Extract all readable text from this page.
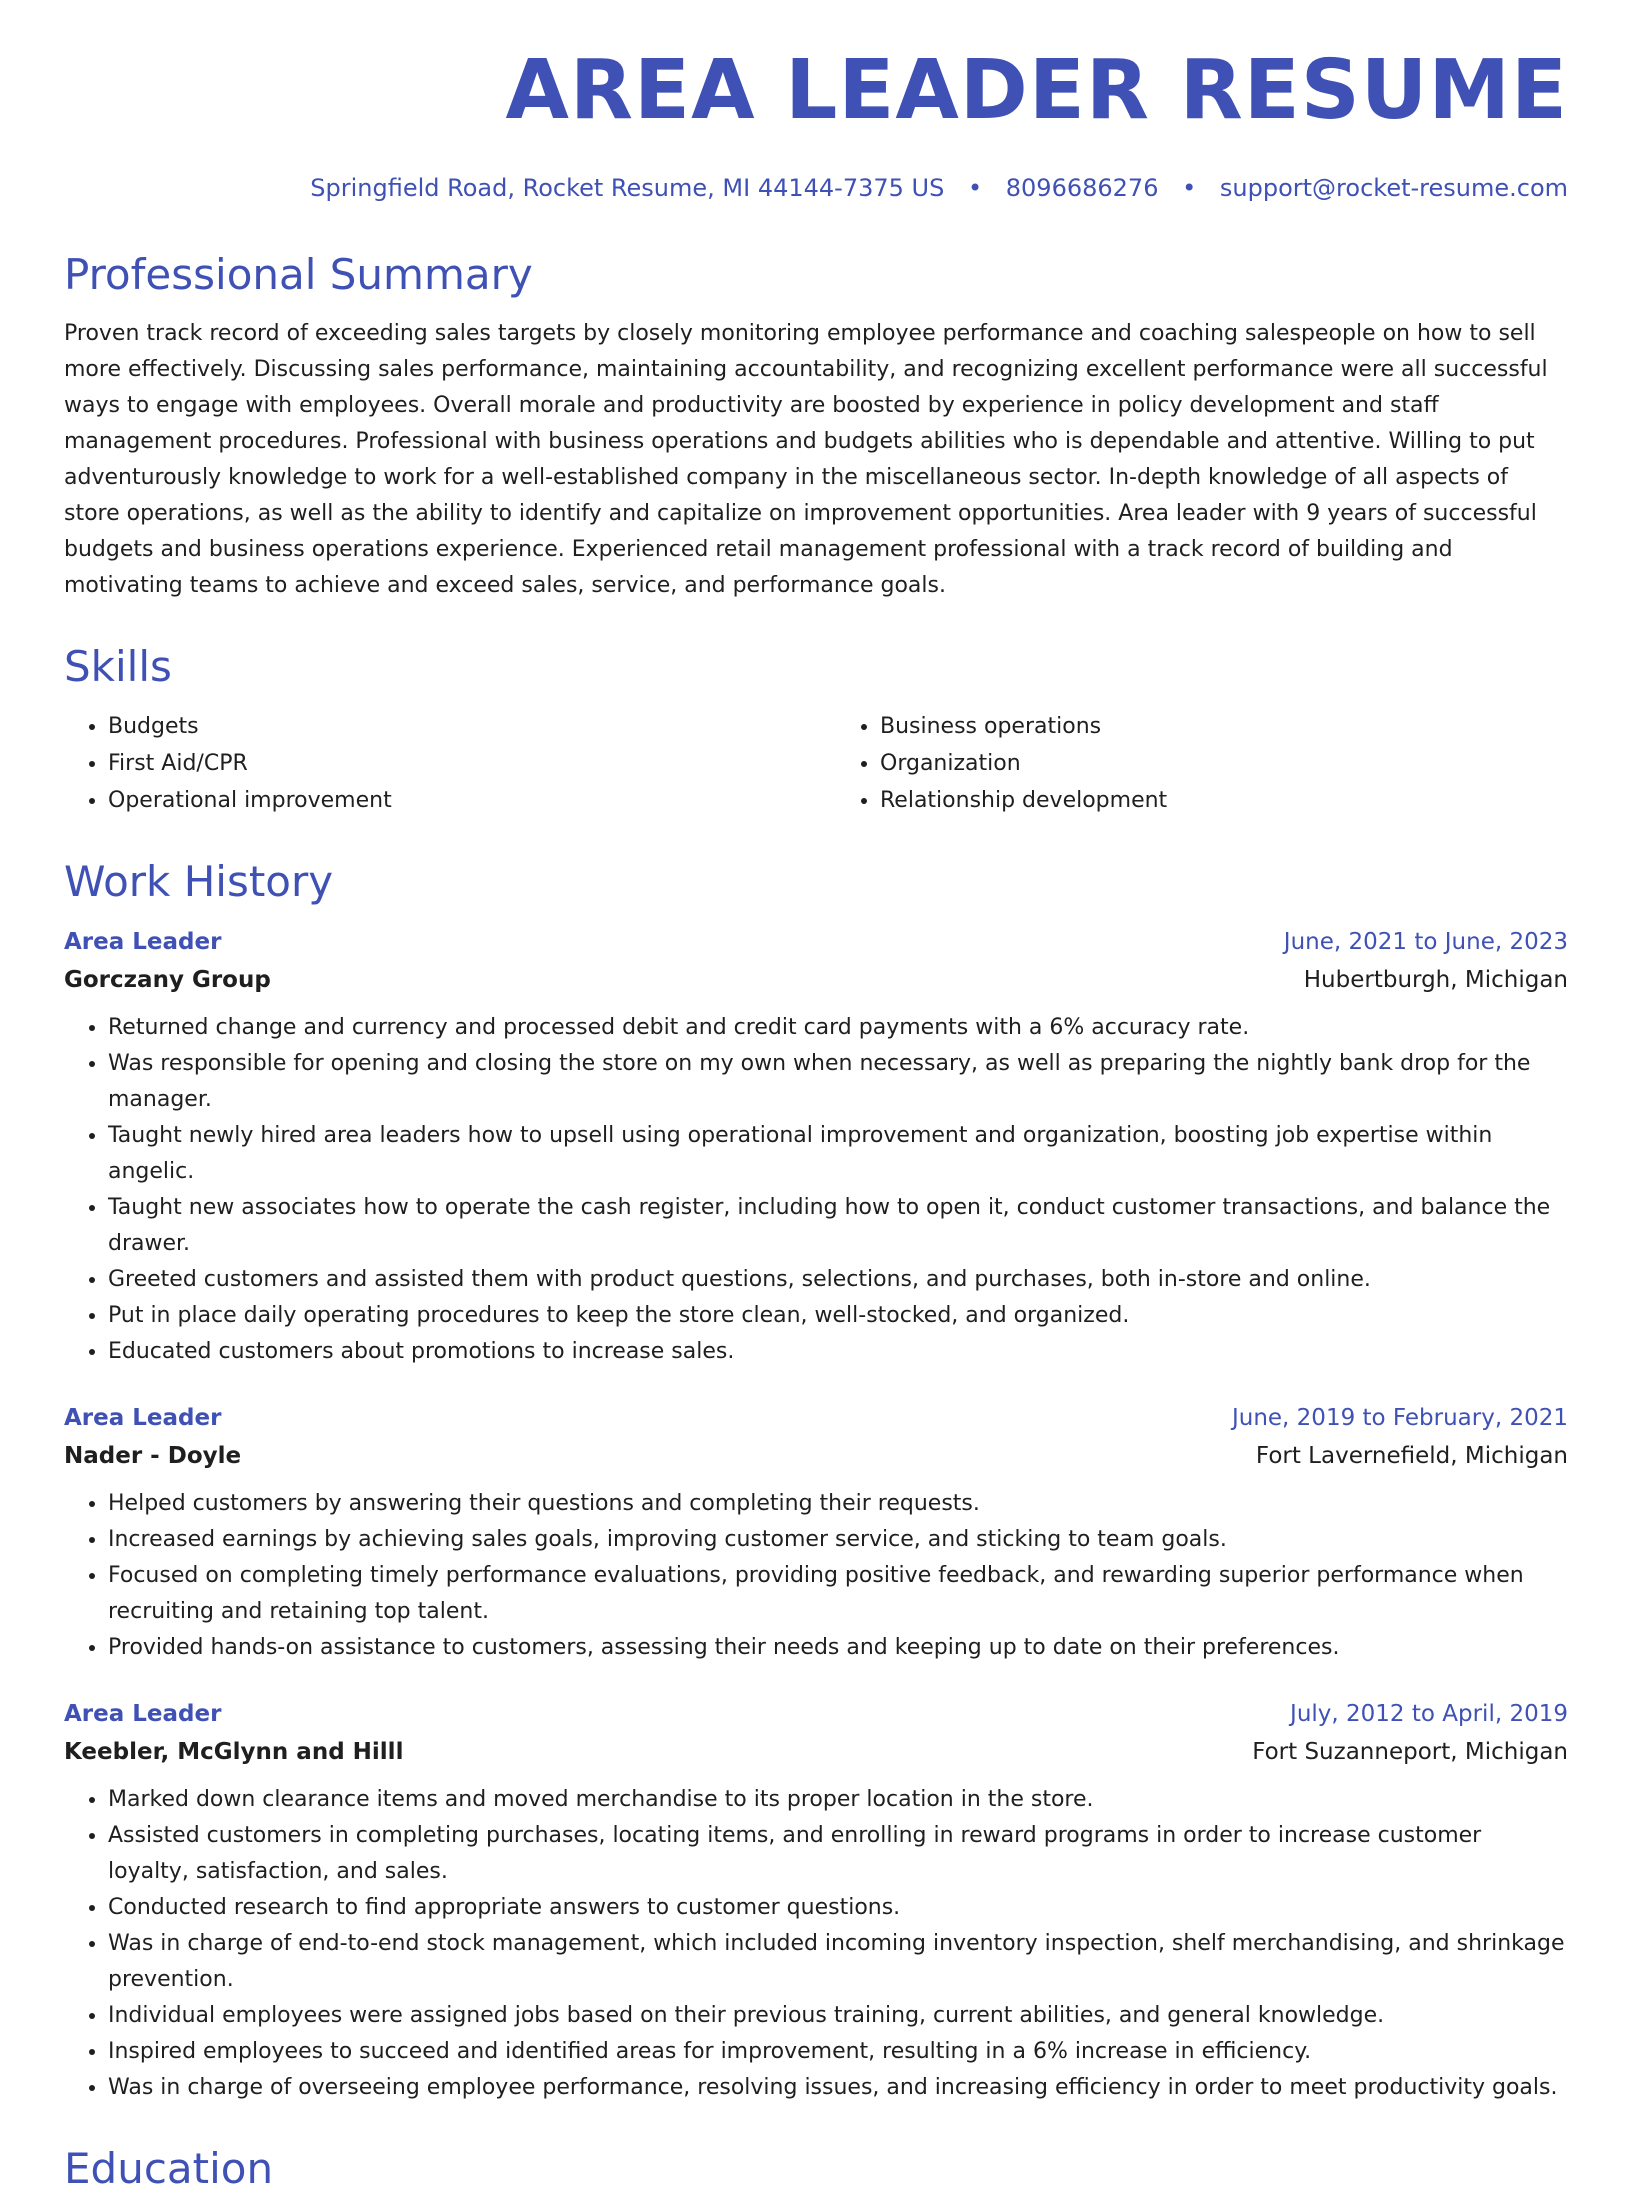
AREA LEADER RESUME
Springfield Road, Rocket Resume, MI 44144-7375 US • 8096686276 • support@rocket-resume.com
Professional Summary

Proven track record of exceeding sales targets by closely monitoring employee performance and coaching salespeople on how to sell more effectively. Discussing sales performance, maintaining accountability, and recognizing excellent performance were all successful ways to engage with employees. Overall morale and productivity are boosted by experience in policy development and staff management procedures. Professional with business operations and budgets abilities who is dependable and attentive. Willing to put adventurously knowledge to work for a well-established company in the miscellaneous sector. In-depth knowledge of all aspects of store operations, as well as the ability to identify and capitalize on improvement opportunities. Area leader with 9 years of successful budgets and business operations experience. Experienced retail management professional with a track record of building and motivating teams to achieve and exceed sales, service, and performance goals.

Skills
• Budgets
• First Aid/CPR
• Operational improvement
• Business operations
• Organization
• Relationship development
Work History
Area Leader	June, 2021 to June, 2023
Gorczany Group	Hubertburgh, Michigan
• Returned change and currency and processed debit and credit card payments with a 6% accuracy rate.
• Was responsible for opening and closing the store on my own when necessary, as well as preparing the nightly bank drop for the manager.
• Taught newly hired area leaders how to upsell using operational improvement and organization, boosting job expertise within angelic.
• Taught new associates how to operate the cash register, including how to open it, conduct customer transactions, and balance the drawer.
• Greeted customers and assisted them with product questions, selections, and purchases, both in-store and online.
• Put in place daily operating procedures to keep the store clean, well-stocked, and organized.
• Educated customers about promotions to increase sales.
Area Leader	June, 2019 to February, 2021
Nader - Doyle	Fort Lavernefield, Michigan
• Helped customers by answering their questions and completing their requests.
• Increased earnings by achieving sales goals, improving customer service, and sticking to team goals.
• Focused on completing timely performance evaluations, providing positive feedback, and rewarding superior performance when recruiting and retaining top talent.
• Provided hands-on assistance to customers, assessing their needs and keeping up to date on their preferences.
Area Leader	July, 2012 to April, 2019
Keebler, McGlynn and Hilll	Fort Suzanneport, Michigan
• Marked down clearance items and moved merchandise to its proper location in the store.
• Assisted customers in completing purchases, locating items, and enrolling in reward programs in order to increase customer loyalty, satisfaction, and sales.
• Conducted research to find appropriate answers to customer questions.
• Was in charge of end-to-end stock management, which included incoming inventory inspection, shelf merchandising, and shrinkage prevention.
• Individual employees were assigned jobs based on their previous training, current abilities, and general knowledge.
• Inspired employees to succeed and identified areas for improvement, resulting in a 6% increase in efficiency.
• Was in charge of overseeing employee performance, resolving issues, and increasing efficiency in order to meet productivity goals.
Education
